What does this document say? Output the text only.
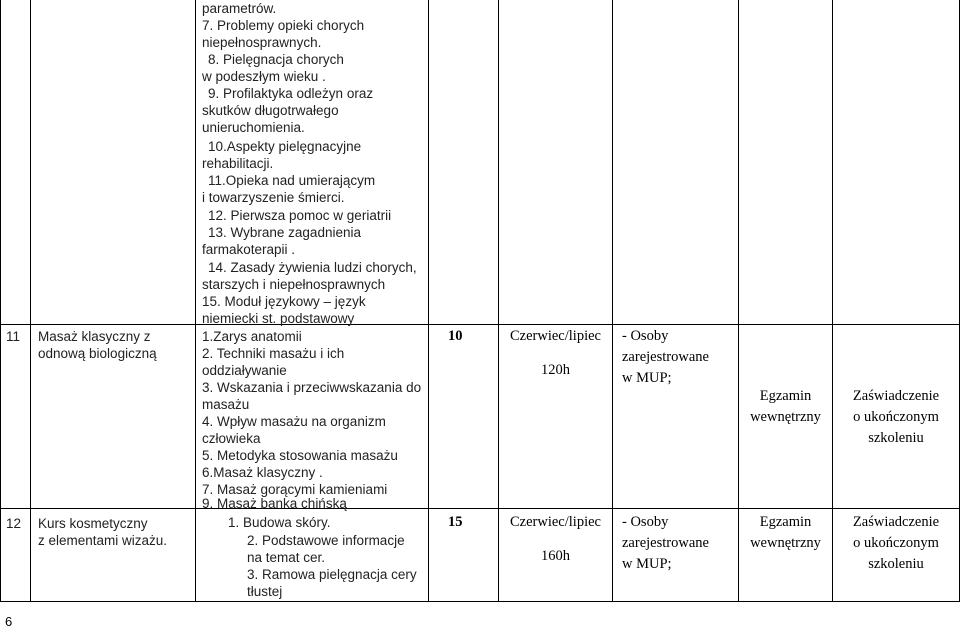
parametrów.
7. Problemy opieki chorych
niepełnosprawnych.
8. Pielęgnacja chorych
w podeszłym wieku .
9. Profilaktyka odleżyn oraz
skutków długotrwałego
unieruchomienia.
10.Aspekty pielęgnacyjne
rehabilitacji.
11.Opieka nad umierającym
i towarzyszenie śmierci.
12. Pierwsza pomoc w geriatrii
13. Wybrane zagadnienia
farmakoterapii .
14. Zasady żywienia ludzi chorych,
starszych i niepełnosprawnych
15. Moduł językowy – język
niemiecki st. podstawowy
11 Masaż klasyczny z
odnową biologiczną
1.Zarys anatomii
2. Techniki masażu i ich
oddziaływanie
3. Wskazania i przeciwwskazania do
masażu
4. Wpływ masażu na organizm
człowieka
5. Metodyka stosowania masażu
6.Masaż klasyczny .
7. Masaż gorącymi kamieniami
9. Masaż banka chińską
10	Czerwiec/lipiec
120h
- Osoby
zarejestrowane
w MUP;
Egzamin
wewnętrzny
Zaświadczenie
o ukończonym
szkoleniu
12 Kurs kosmetyczny
z elementami wizażu.
1. Budowa skóry.
2. Podstawowe informacje
na temat cer.
3. Ramowa pielęgnacja cery
tłustej
15	Czerwiec/lipiec
160h
- Osoby
zarejestrowane
w MUP;
Egzamin
wewnętrzny
Zaświadczenie
o ukończonym
szkoleniu
6
